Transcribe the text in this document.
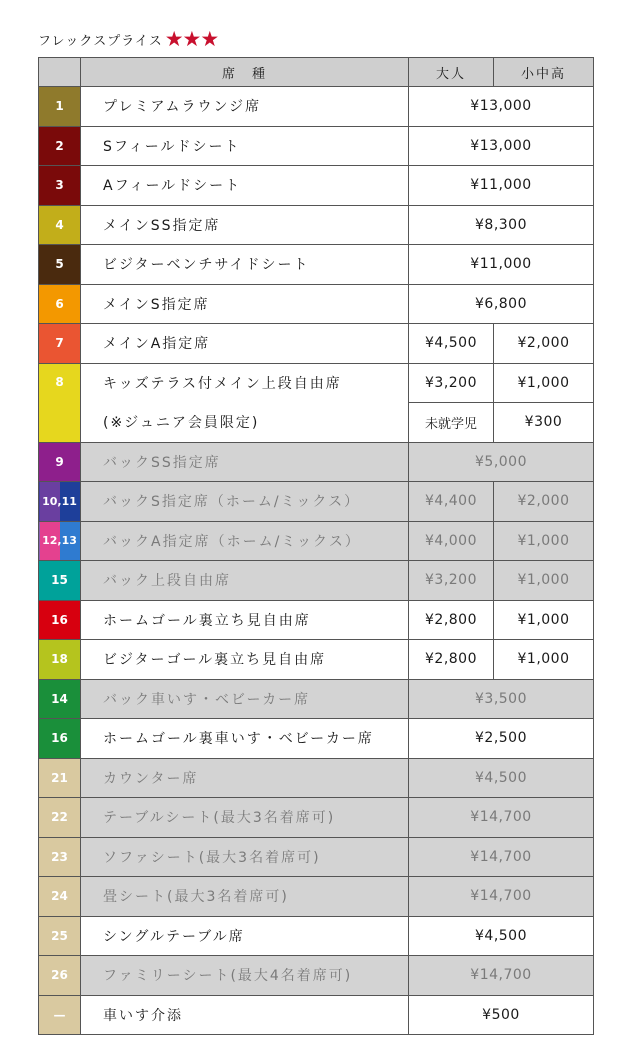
フレックスプライス ★★★
	席　種	大人	小中高
1	プレミアムラウンジ席	¥13,000	
2	Sフィールドシート	¥13,000	
3	Aフィールドシート	¥11,000	
4	メインSS指定席	¥8,300	
5	ビジターベンチサイドシート	¥11,000	
6	メインS指定席	¥6,800	
7	メインA指定席	¥4,500	¥2,000
8	キッズテラス付メイン上段自由席	¥3,200	¥1,000
	(※ジュニア会員限定)	未就学児	¥300
9	バックSS指定席	¥5,000	
10,11	バックS指定席（ホーム/ミックス）	¥4,400	¥2,000
12,13	バックA指定席（ホーム/ミックス）	¥4,000	¥1,000
15	バック上段自由席	¥3,200	¥1,000
16	ホームゴール裏立ち見自由席	¥2,800	¥1,000
18	ビジターゴール裏立ち見自由席	¥2,800	¥1,000
14	バック車いす・ベビーカー席	¥3,500	
16	ホームゴール裏車いす・ベビーカー席	¥2,500	
21	カウンター席	¥4,500	
22	テーブルシート(最大3名着席可)	¥14,700	
23	ソファシート(最大3名着席可)	¥14,700	
24	畳シート(最大3名着席可)	¥14,700	
25	シングルテーブル席	¥4,500	
26	ファミリーシート(最大4名着席可)	¥14,700	
—	車いす介添	¥500	
